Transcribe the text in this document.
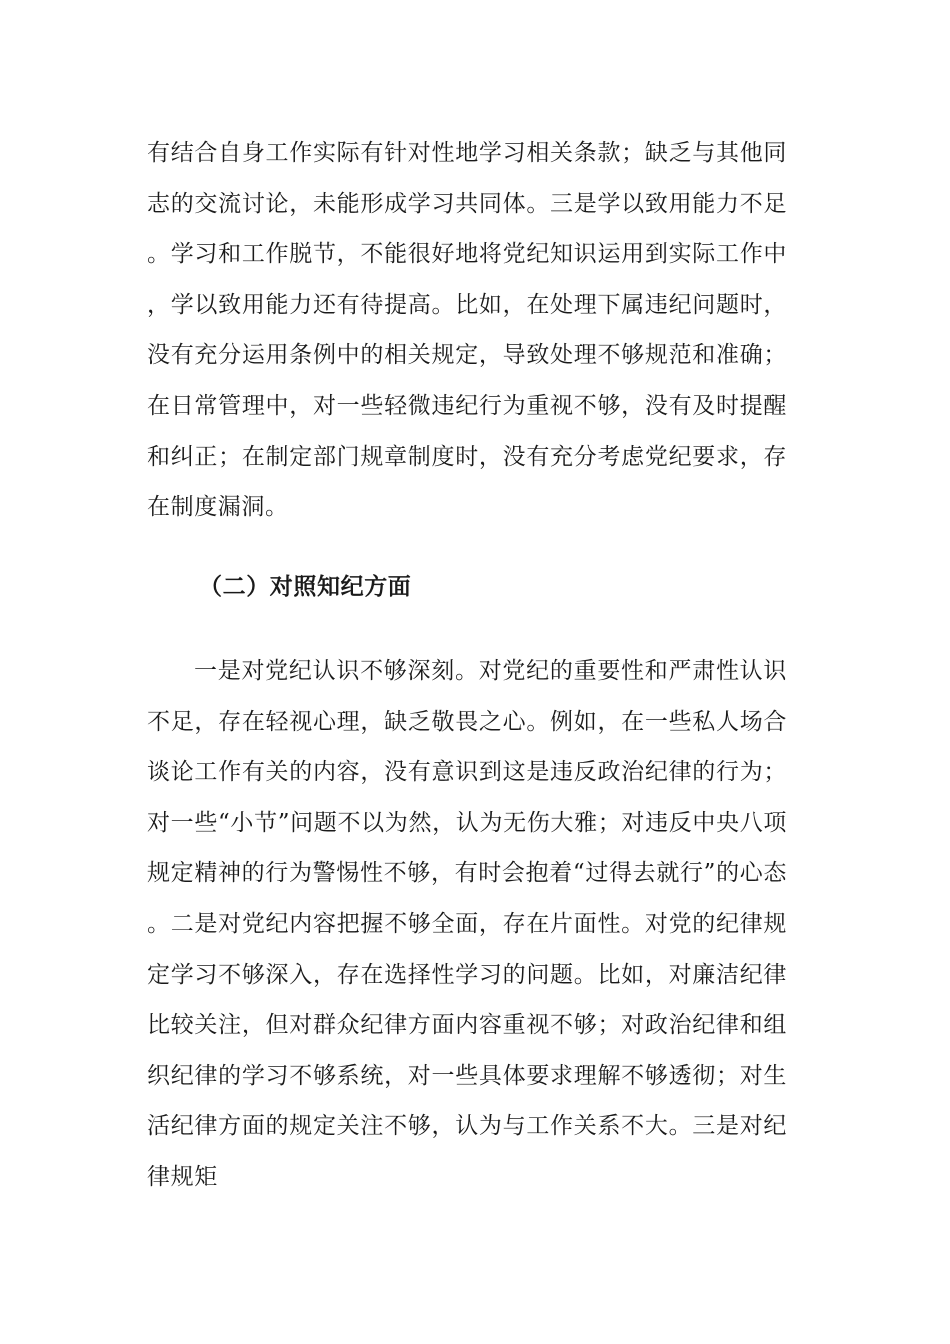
有结合自身工作实际有针对性地学习相关条款；缺乏与其他同志的交流讨论，未能形成学习共同体。三是学以致用能力不足。学习和工作脱节，不能很好地将党纪知识运用到实际工作中，学以致用能力还有待提高。比如，在处理下属违纪问题时，没有充分运用条例中的相关规定，导致处理不够规范和准确；在日常管理中，对一些轻微违纪行为重视不够，没有及时提醒和纠正；在制定部门规章制度时，没有充分考虑党纪要求，存在制度漏洞。

（二）对照知纪方面

一是对党纪认识不够深刻。对党纪的重要性和严肃性认识不足，存在轻视心理，缺乏敬畏之心。例如，在一些私人场合谈论工作有关的内容，没有意识到这是违反政治纪律的行为；对一些“小节”问题不以为然，认为无伤大雅；对违反中央八项规定精神的行为警惕性不够，有时会抱着“过得去就行”的心态。二是对党纪内容把握不够全面，存在片面性。对党的纪律规定学习不够深入，存在选择性学习的问题。比如，对廉洁纪律比较关注，但对群众纪律方面内容重视不够；对政治纪律和组织纪律的学习不够系统，对一些具体要求理解不够透彻；对生活纪律方面的规定关注不够，认为与工作关系不大。三是对纪律规矩
